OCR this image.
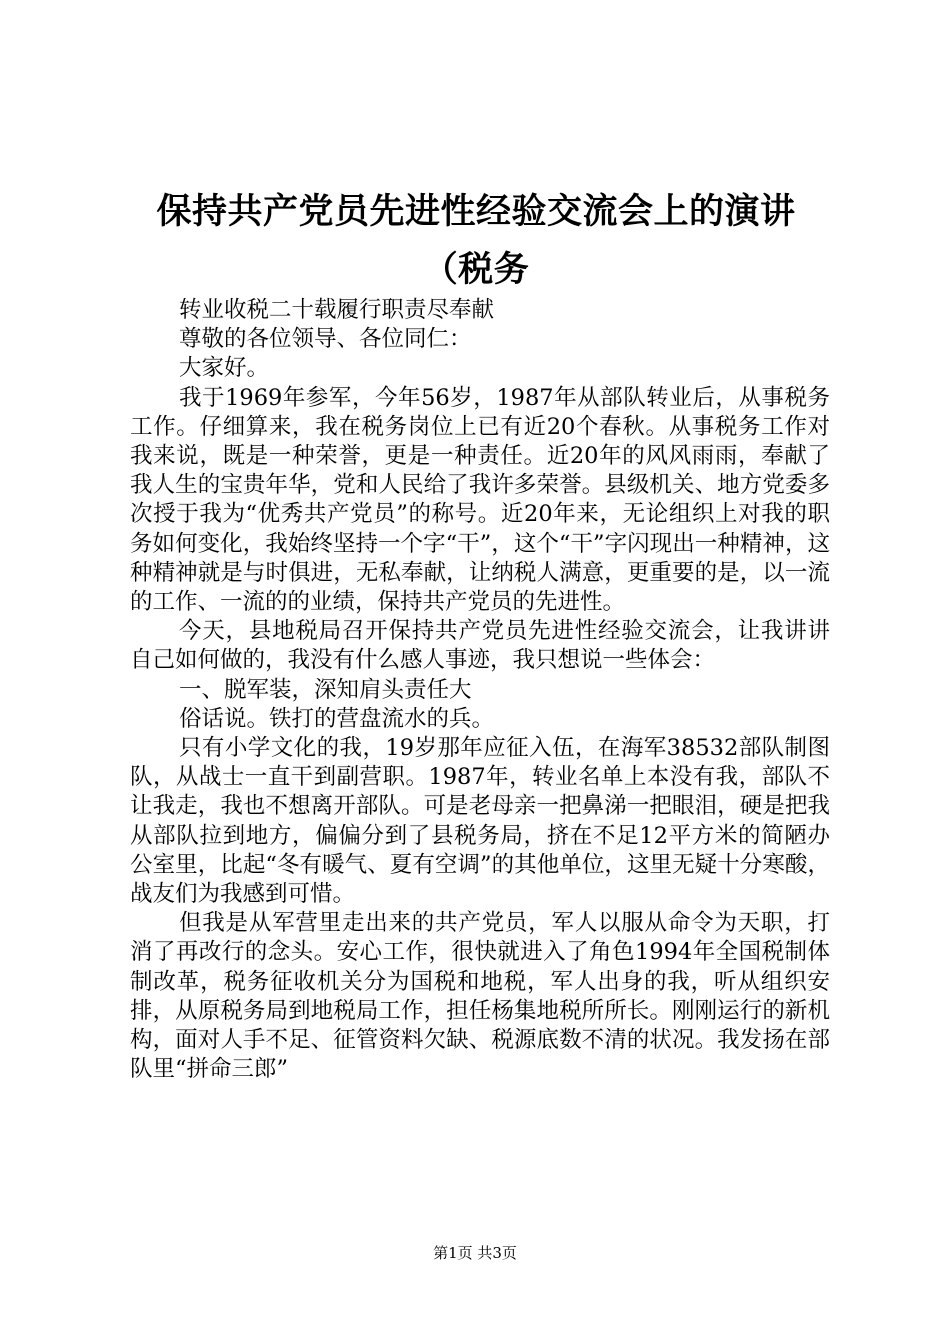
保持共产党员先进性经验交流会上的演讲（税务

转业收税二十载履行职责尽奉献

尊敬的各位领导、各位同仁：

大家好。

我于1969年参军，今年56岁，1987年从部队转业后，从事税务工作。仔细算来，我在税务岗位上已有近20个春秋。从事税务工作对我来说，既是一种荣誉，更是一种责任。近20年的风风雨雨，奉献了我人生的宝贵年华，党和人民给了我许多荣誉。县级机关、地方党委多次授于我为“优秀共产党员”的称号。近20年来，无论组织上对我的职务如何变化，我始终坚持一个字“干”，这个“干”字闪现出一种精神，这种精神就是与时俱进，无私奉献，让纳税人满意，更重要的是，以一流的工作、一流的的业绩，保持共产党员的先进性。

今天，县地税局召开保持共产党员先进性经验交流会，让我讲讲自己如何做的，我没有什么感人事迹，我只想说一些体会：

一、脱军装，深知肩头责任大

俗话说。铁打的营盘流水的兵。

只有小学文化的我，19岁那年应征入伍，在海军38532部队制图队，从战士一直干到副营职。1987年，转业名单上本没有我，部队不让我走，我也不想离开部队。可是老母亲一把鼻涕一把眼泪，硬是把我从部队拉到地方，偏偏分到了县税务局，挤在不足12平方米的简陋办公室里，比起“冬有暖气、夏有空调”的其他单位，这里无疑十分寒酸，战友们为我感到可惜。

但我是从军营里走出来的共产党员，军人以服从命令为天职，打消了再改行的念头。安心工作，很快就进入了角色1994年全国税制体制改革，税务征收机关分为国税和地税，军人出身的我，听从组织安排，从原税务局到地税局工作，担任杨集地税所所长。刚刚运行的新机构，面对人手不足、征管资料欠缺、税源底数不清的状况。我发扬在部队里“拼命三郎”

第1页 共3页
